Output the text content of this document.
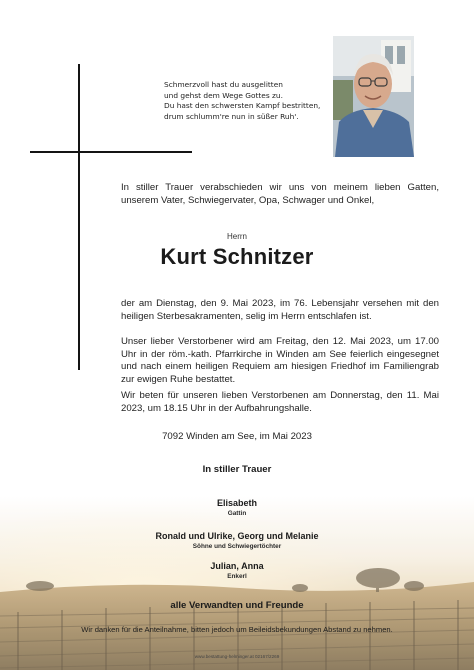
Schmerzvoll hast du ausgelitten
und gehst dem Wege Gottes zu.
Du hast den schwersten Kampf bestritten,
drum schlumm're nun in süßer Ruh'.
In stiller Trauer verabschieden wir uns von meinem lieben Gatten, unserem Vater, Schwiegervater, Opa, Schwager und Onkel,
Herrn
Kurt Schnitzer
der am Dienstag, den 9. Mai 2023, im 76. Lebensjahr versehen mit den heiligen Sterbesakramenten, selig im Herrn entschlafen ist.
Unser lieber Verstorbener wird am Freitag, den 12. Mai 2023, um 17.00 Uhr in der röm.-kath. Pfarrkirche in Winden am See feierlich eingesegnet und nach einem heiligen Requiem am hiesigen Friedhof im Familiengrab zur ewigen Ruhe bestattet.
Wir beten für unseren lieben Verstorbenen am Donnerstag, den 11. Mai 2023, um 18.15 Uhr in der Aufbahrungshalle.
7092 Winden am See, im Mai 2023
In stiller Trauer
Elisabeth
Gattin
Ronald und Ulrike, Georg und Melanie
Söhne und Schwiegertöchter
Julian, Anna
Enkerl
alle Verwandten und Freunde
Wir danken für die Anteilnahme, bitten jedoch um Beileidsbekundungen Abstand zu nehmen.
www.bestattung-helminger.at 02167/2269
